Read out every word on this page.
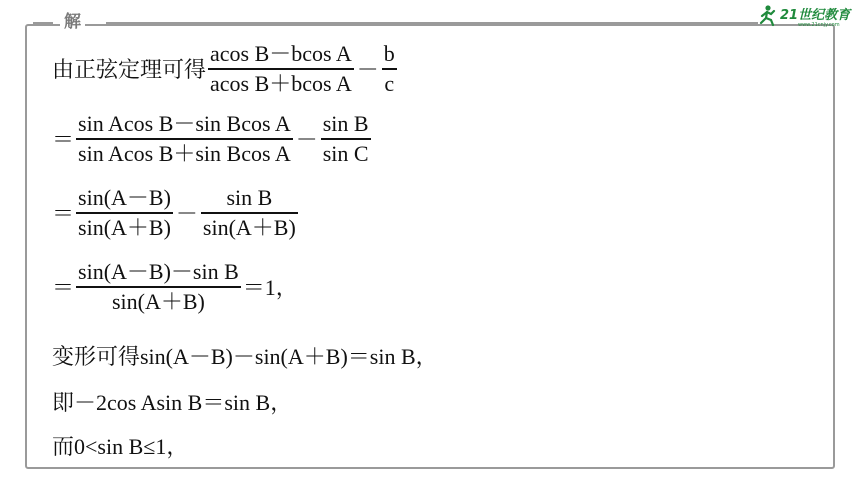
解	21世纪教育
www.21cnjy.com
由正弦定理可得 $\frac{\text{acos B－bcos A}}{\text{acos B＋bcos A}} - \frac{b}{c}$
＝ $\frac{\text{sin Acos B－sin Bcos A}}{\text{sin Acos B＋sin Bcos A}} - \frac{\text{sin B}}{\text{sin C}}$
＝ $\frac{\sin(A-B)}{\sin(A+B)} - \frac{\text{sin B}}{\sin(A+B)}$
＝ $\frac{\text{sin(A－B)－sin B}}{\sin(A+B)} =1$，
变形可得sin(A－B)－sin(A＋B)＝sin B，
即－2cos Asin B＝sin B，
而0<sin B≤1，
